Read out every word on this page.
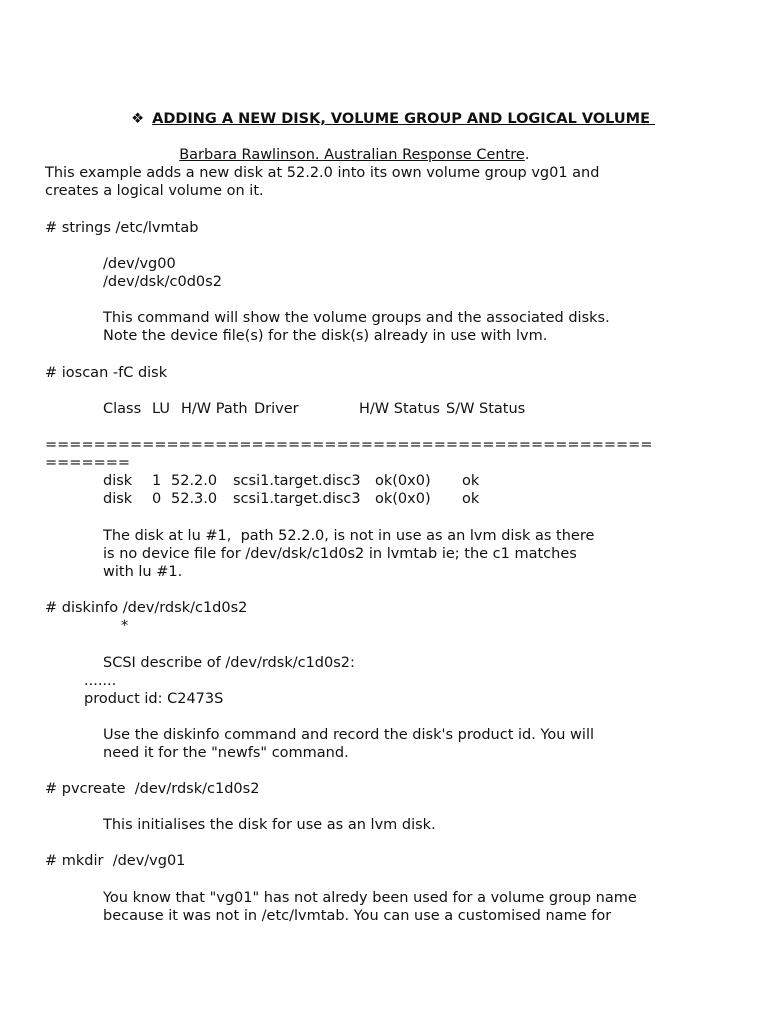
❖ ADDING A NEW DISK, VOLUME GROUP AND LOGICAL VOLUME

Barbara Rawlinson. Australian Response Centre.

This example adds a new disk at 52.2.0 into its own volume group vg01 and
creates a logical volume on it.
# strings /etc/lvmtab
/dev/vg00
/dev/dsk/c0d0s2
This command will show the volume groups and the associated disks.
Note the device file(s) for the disk(s) already in use with lvm.
# ioscan -fC disk
Class LU H/W Path Driver	H/W Status S/W Status
==================================================
=======
disk 1 52.2.0 scsi1.target.disc3 ok(0x0) ok
disk 0 52.3.0 scsi1.target.disc3 ok(0x0) ok
The disk at lu #1,  path 52.2.0, is not in use as an lvm disk as there
is no device file for /dev/dsk/c1d0s2 in lvmtab ie; the c1 matches
with lu #1.
# diskinfo /dev/rdsk/c1d0s2
*
SCSI describe of /dev/rdsk/c1d0s2:
.......
product id: C2473S
Use the diskinfo command and record the disk's product id. You will
need it for the "newfs" command.
# pvcreate  /dev/rdsk/c1d0s2
This initialises the disk for use as an lvm disk.
# mkdir  /dev/vg01
You know that "vg01" has not alredy been used for a volume group name
because it was not in /etc/lvmtab. You can use a customised name for
